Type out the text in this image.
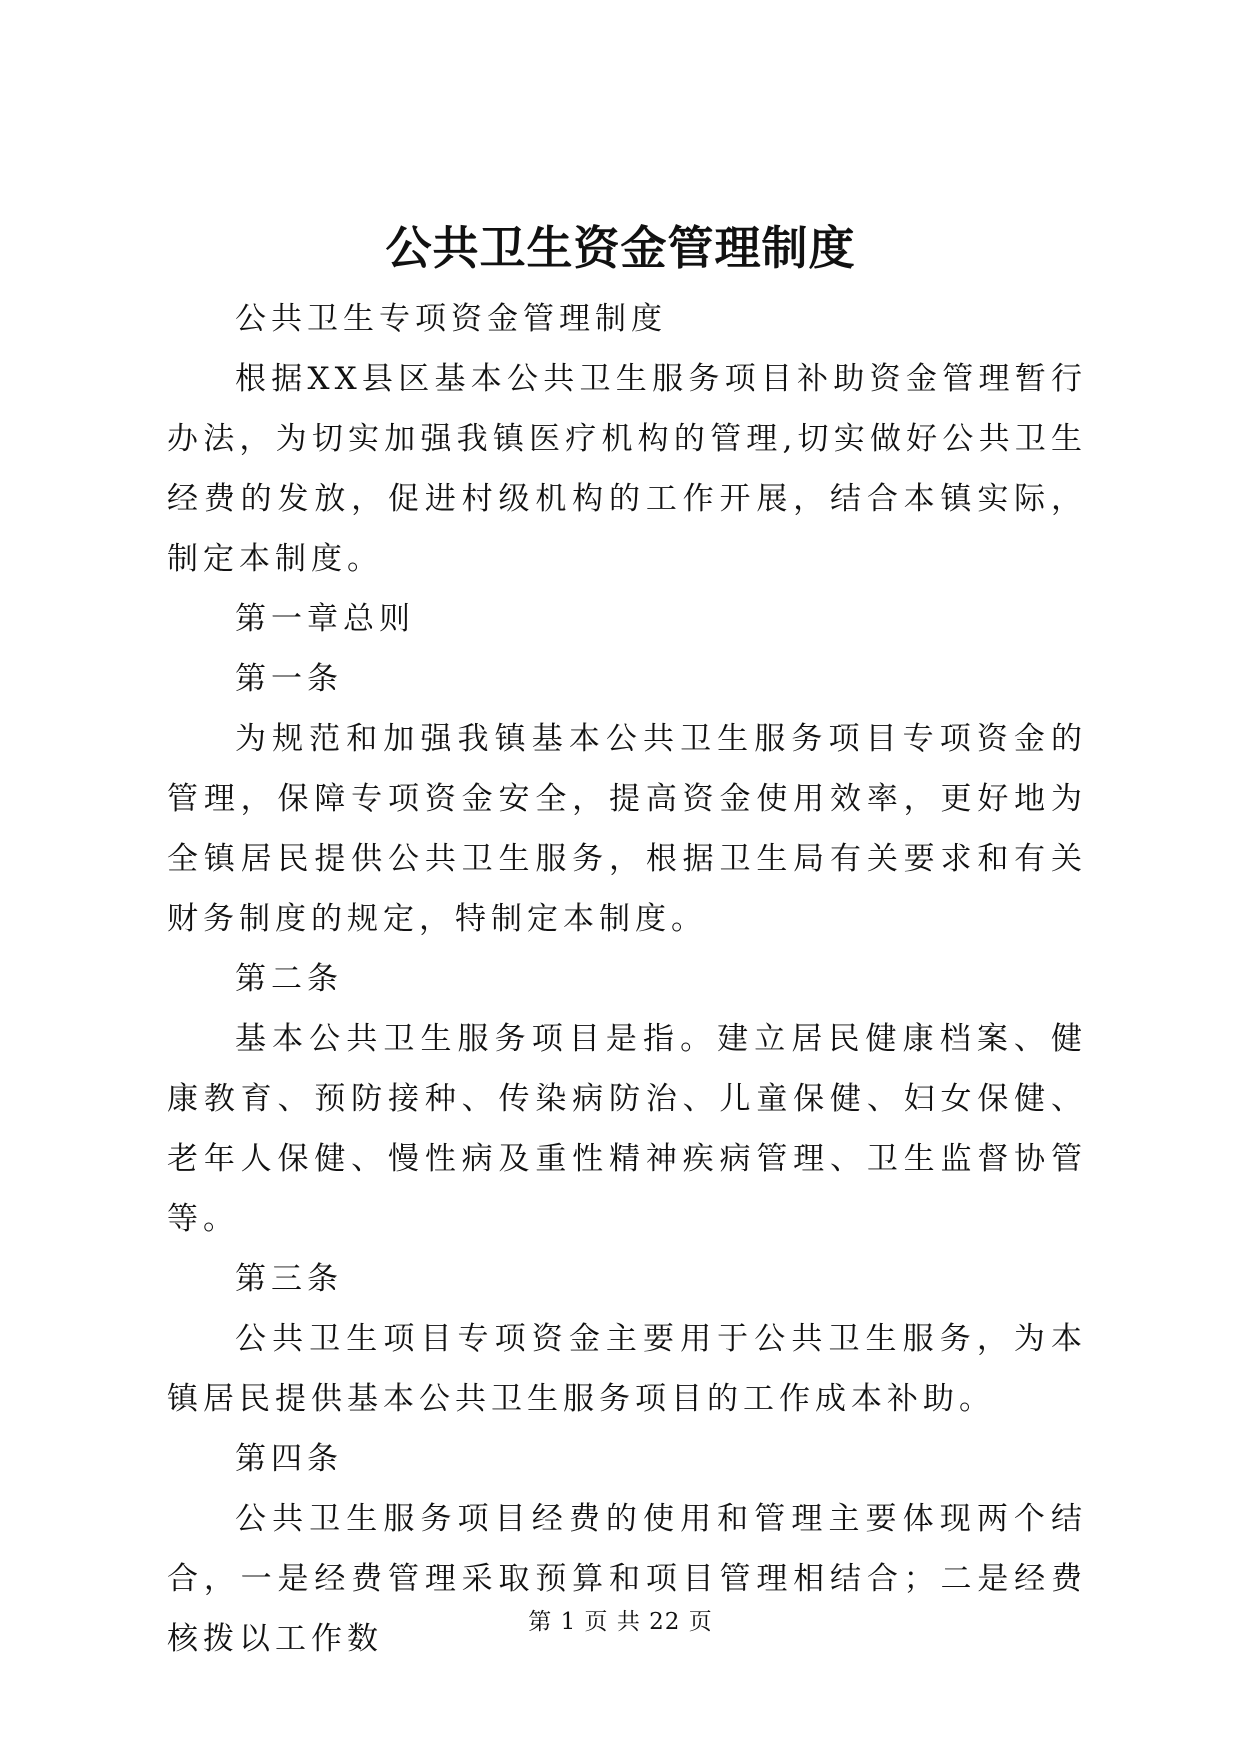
公共卫生资金管理制度

公共卫生专项资金管理制度

根据XX县区基本公共卫生服务项目补助资金管理暂行办法，为切实加强我镇医疗机构的管理,切实做好公共卫生经费的发放，促进村级机构的工作开展，结合本镇实际，制定本制度。

第一章总则

第一条

为规范和加强我镇基本公共卫生服务项目专项资金的管理，保障专项资金安全，提高资金使用效率，更好地为全镇居民提供公共卫生服务，根据卫生局有关要求和有关财务制度的规定，特制定本制度。

第二条

基本公共卫生服务项目是指。建立居民健康档案、健康教育、预防接种、传染病防治、儿童保健、妇女保健、老年人保健、慢性病及重性精神疾病管理、卫生监督协管等。

第三条

公共卫生项目专项资金主要用于公共卫生服务，为本镇居民提供基本公共卫生服务项目的工作成本补助。

第四条

公共卫生服务项目经费的使用和管理主要体现两个结合，一是经费管理采取预算和项目管理相结合；二是经费核拨以工作数	第 1 页 共 22 页
